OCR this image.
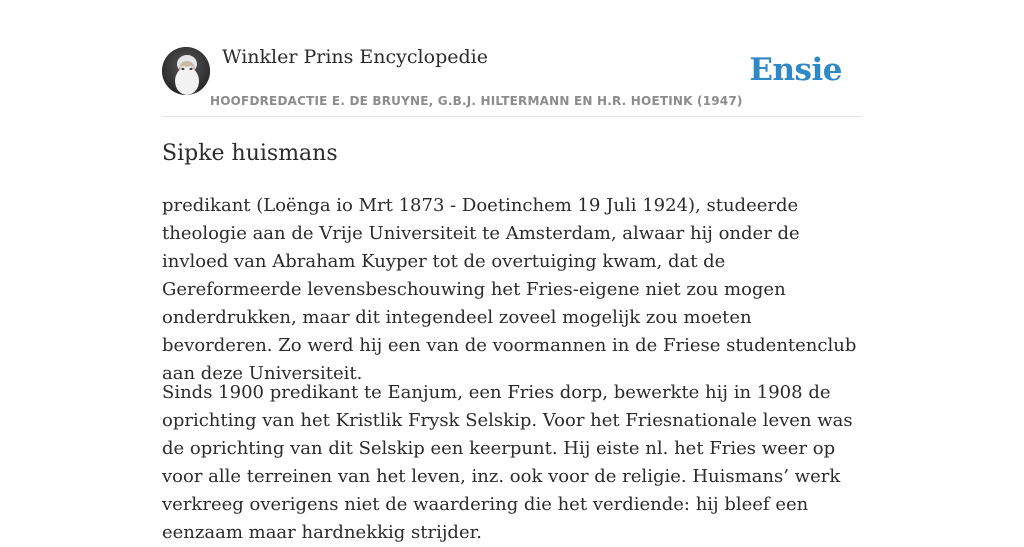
Winkler Prins Encyclopedie
HOOFDREDACTIE E. DE BRUYNE, G.B.J. HILTERMANN EN H.R. HOETINK (1947)
Ensie
Sipke huismans

predikant (Loënga io Mrt 1873 - Doetinchem 19 Juli 1924), studeerde theologie aan de Vrije Universiteit te Amsterdam, alwaar hij onder de invloed van Abraham Kuyper tot de overtuiging kwam, dat de Gereformeerde levensbeschouwing het Fries-eigene niet zou mogen onderdrukken, maar dit integendeel zoveel mogelijk zou moeten bevorderen. Zo werd hij een van de voormannen in de Friese studentenclub aan deze Universiteit.

Sinds 1900 predikant te Eanjum, een Fries dorp, bewerkte hij in 1908 de oprichting van het Kristlik Frysk Selskip. Voor het Friesnationale leven was de oprichting van dit Selskip een keerpunt. Hij eiste nl. het Fries weer op voor alle terreinen van het leven, inz. ook voor de religie. Huismans’ werk verkreeg overigens niet de waardering die het verdiende: hij bleef een eenzaam maar hardnekkig strijder.
